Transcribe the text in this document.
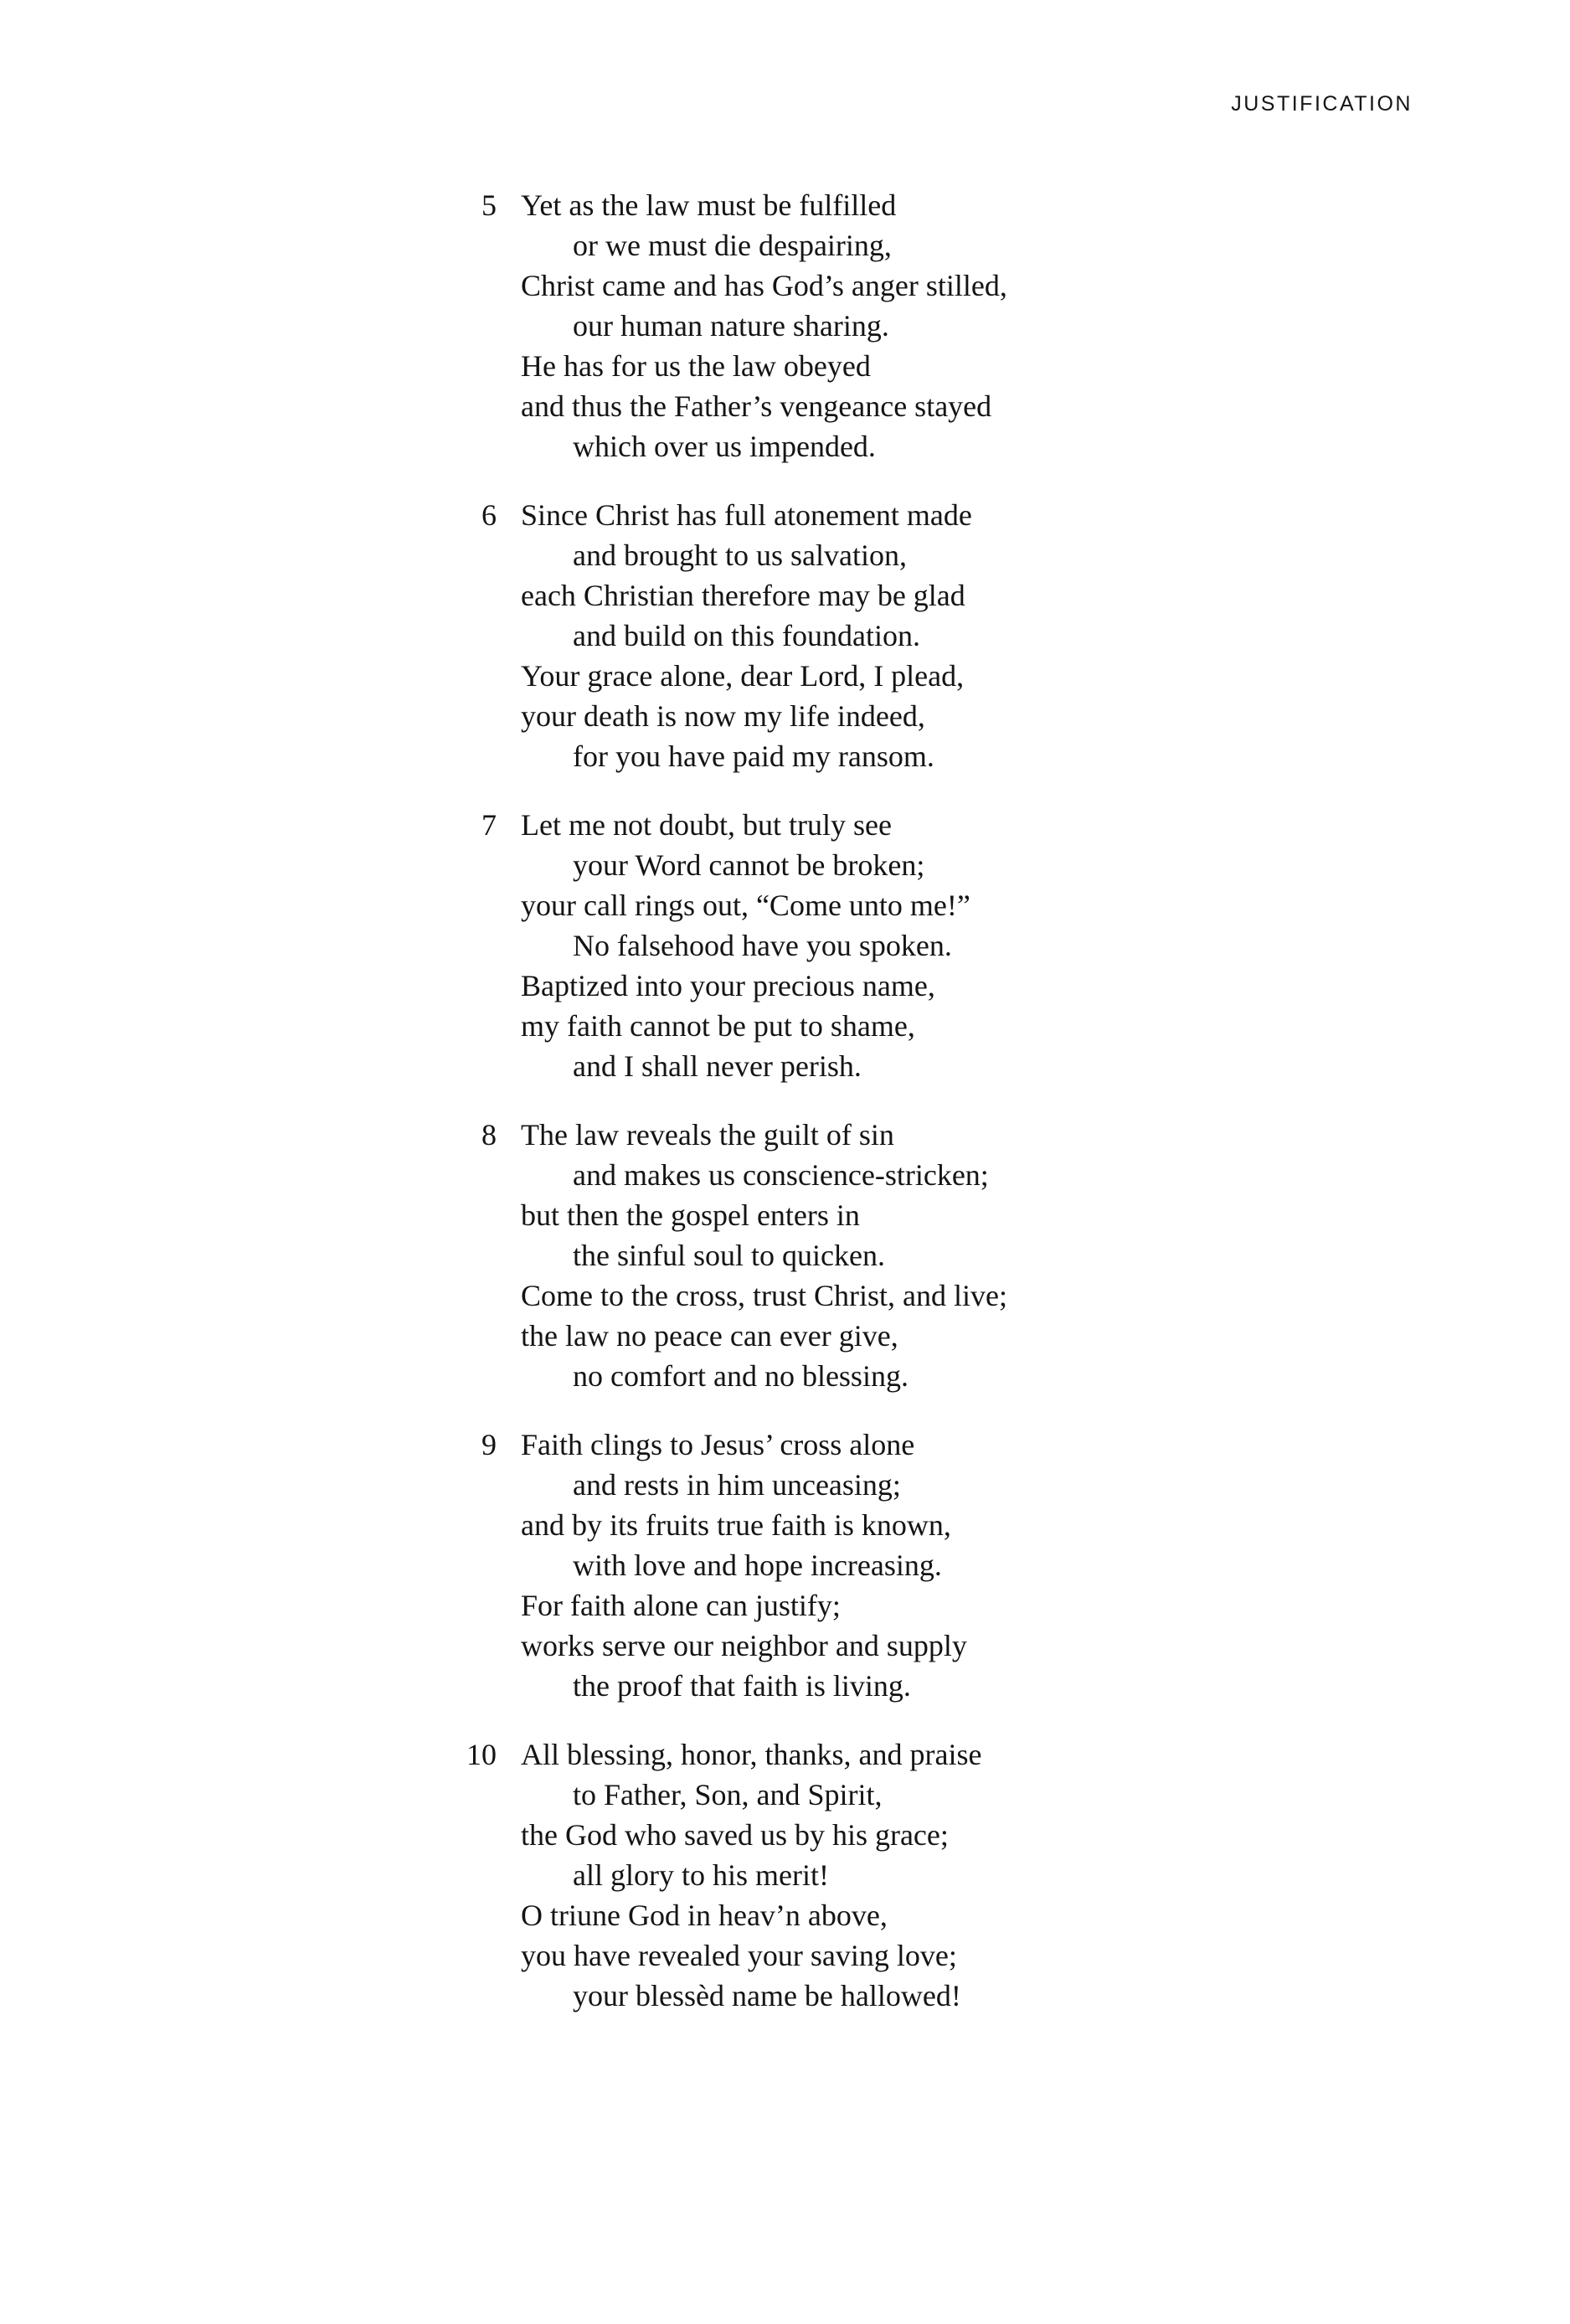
JUSTIFICATION
5 Yet as the law must be fulfilled
or we must die despairing,
Christ came and has God’s anger stilled,
our human nature sharing.
He has for us the law obeyed
and thus the Father’s vengeance stayed
which over us impended.
6 Since Christ has full atonement made
and brought to us salvation,
each Christian therefore may be glad
and build on this foundation.
Your grace alone, dear Lord, I plead,
your death is now my life indeed,
for you have paid my ransom.
7 Let me not doubt, but truly see
your Word cannot be broken;
your call rings out, “Come unto me!”
No falsehood have you spoken.
Baptized into your precious name,
my faith cannot be put to shame,
and I shall never perish.
8 The law reveals the guilt of sin
and makes us conscience-stricken;
but then the gospel enters in
the sinful soul to quicken.
Come to the cross, trust Christ, and live;
the law no peace can ever give,
no comfort and no blessing.
9 Faith clings to Jesus’ cross alone
and rests in him unceasing;
and by its fruits true faith is known,
with love and hope increasing.
For faith alone can justify;
works serve our neighbor and supply
the proof that faith is living.
10 All blessing, honor, thanks, and praise
to Father, Son, and Spirit,
the God who saved us by his grace;
all glory to his merit!
O triune God in heav’n above,
you have revealed your saving love;
your blessèd name be hallowed!
